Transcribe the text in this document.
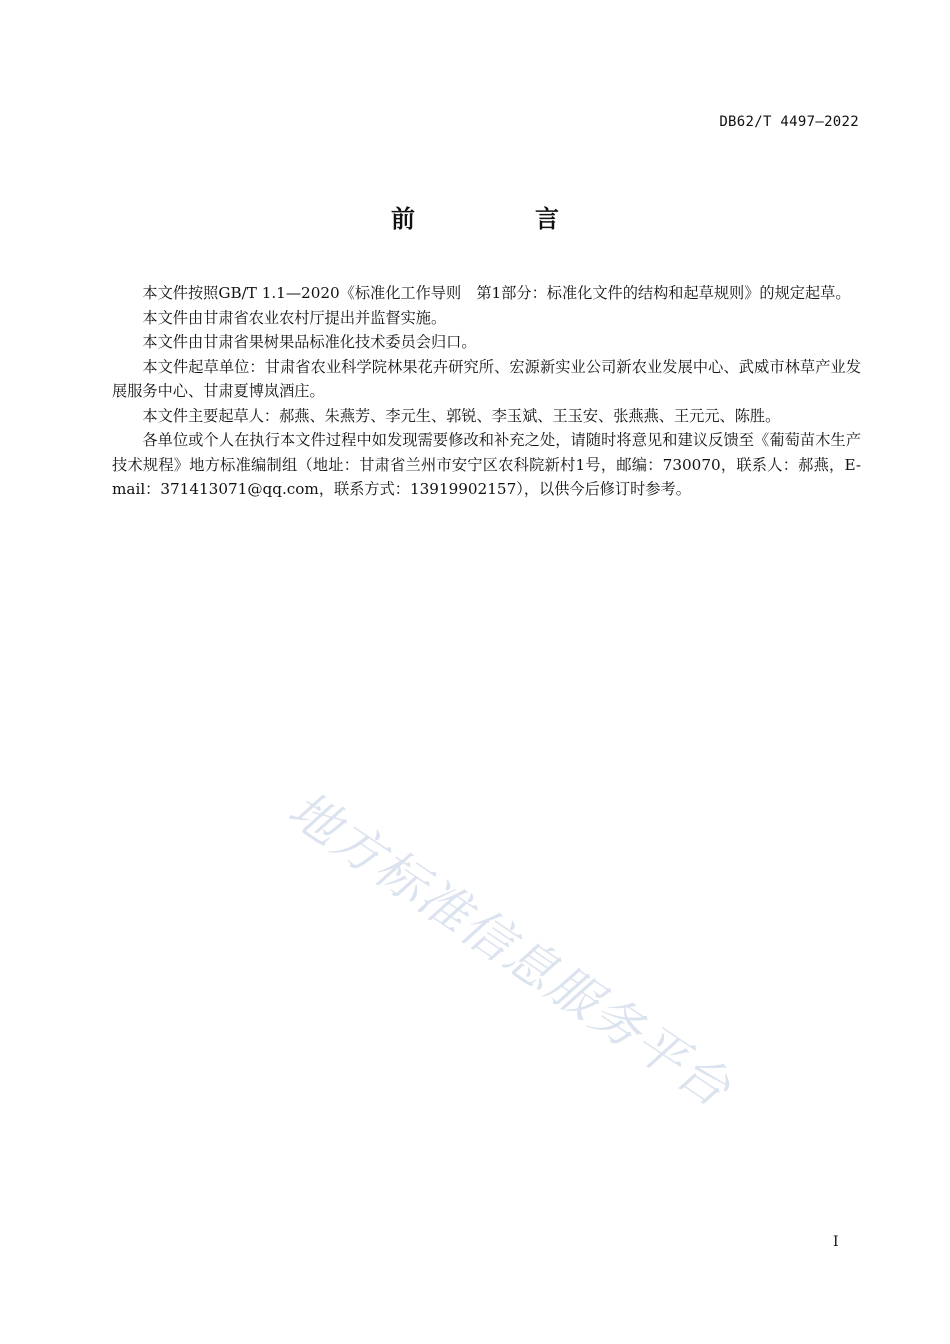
DB62/T 4497—2022
前　言

本文件按照GB/T 1.1—2020《标准化工作导则　第1部分：标准化文件的结构和起草规则》的规定起草。

本文件由甘肃省农业农村厅提出并监督实施。

本文件由甘肃省果树果品标准化技术委员会归口。

本文件起草单位：甘肃省农业科学院林果花卉研究所、宏源新实业公司新农业发展中心、武威市林草产业发展服务中心、甘肃夏博岚酒庄。

本文件主要起草人：郝燕、朱燕芳、李元生、郭锐、李玉斌、王玉安、张燕燕、王元元、陈胜。

各单位或个人在执行本文件过程中如发现需要修改和补充之处，请随时将意见和建议反馈至《葡萄苗木生产技术规程》地方标准编制组（地址：甘肃省兰州市安宁区农科院新村1号，邮编：730070，联系人：郝燕，E-mail：371413071@qq.com，联系方式：13919902157），以供今后修订时参考。

地方标准信息服务平台
I
